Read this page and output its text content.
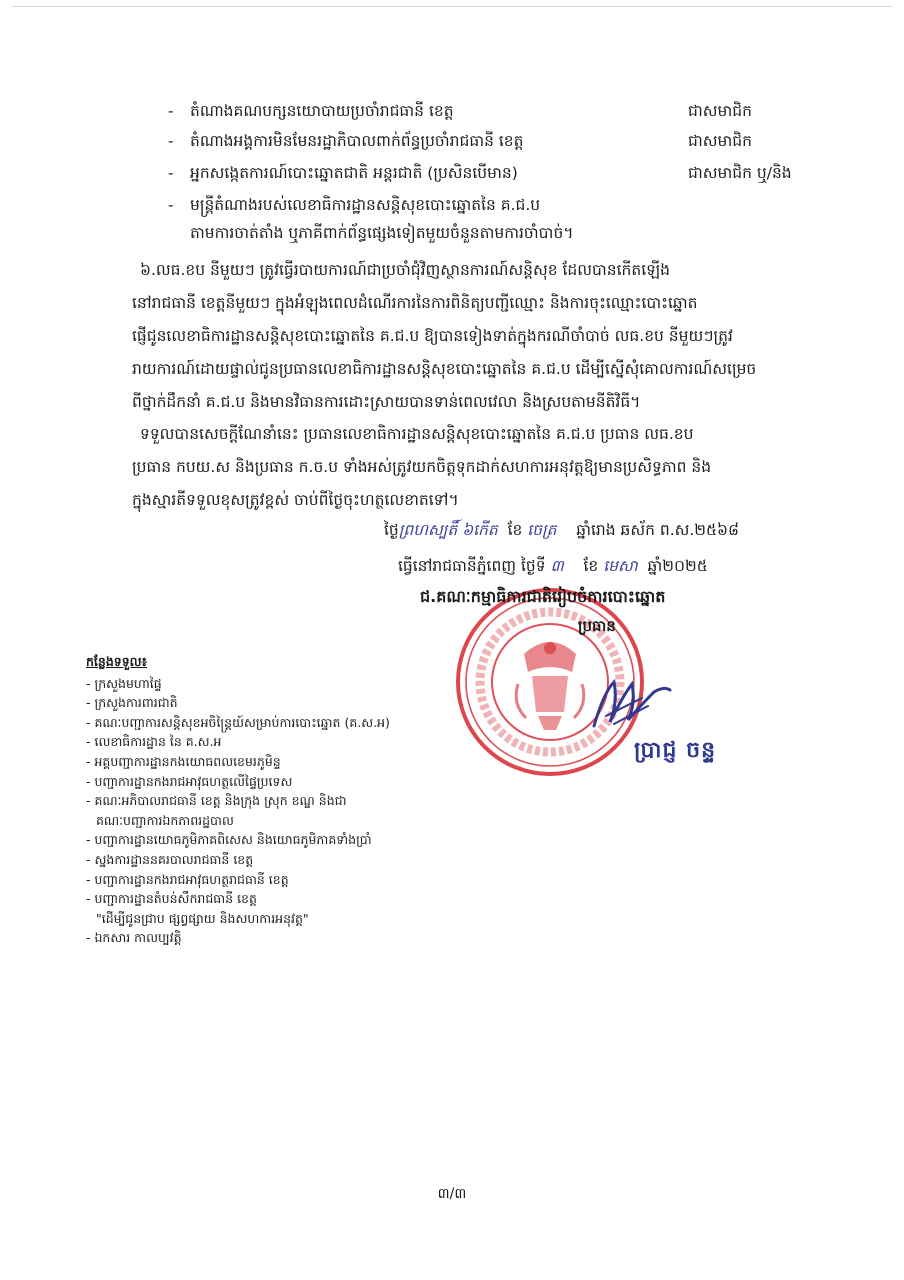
- តំណាងគណបក្សនយោបាយប្រចាំរាជធានី ខេត្ត	ជាសមាជិក
- តំណាងអង្គការមិនមែនរដ្ឋាភិបាលពាក់ព័ន្ធប្រចាំរាជធានី ខេត្ត	ជាសមាជិក
- អ្នកសង្កេតការណ៍បោះឆ្នោតជាតិ អន្តរជាតិ (ប្រសិនបើមាន)	ជាសមាជិក ឬ/និង
- មន្ត្រីតំណាងរបស់លេខាធិការដ្ឋានសន្តិសុខបោះឆ្នោតនៃ គ.ជ.ប
តាមការចាត់តាំង ឬភាគីពាក់ព័ន្ធផ្សេងទៀតមួយចំនួនតាមការចាំបាច់។
៦.លធ.ខប នីមួយៗ ត្រូវធ្វើរបាយការណ៍ជាប្រចាំជុំវិញស្ថានការណ៍សន្តិសុខ ដែលបានកើតឡើង
នៅរាជធានី ខេត្តនីមួយៗ ក្នុងអំឡុងពេលដំណើរការនៃការពិនិត្យបញ្ជីឈ្មោះ និងការចុះឈ្មោះបោះឆ្នោត
ផ្ញើជូនលេខាធិការដ្ឋានសន្តិសុខបោះឆ្នោតនៃ គ.ជ.ប ឱ្យបានទៀងទាត់ក្នុងករណីចាំបាច់ លធ.ខប នីមួយៗត្រូវ
រាយការណ៍ដោយផ្ទាល់ជូនប្រធានលេខាធិការដ្ឋានសន្តិសុខបោះឆ្នោតនៃ គ.ជ.ប ដើម្បីស្នើសុំគោលការណ៍សម្រេច
ពីថ្នាក់ដឹកនាំ គ.ជ.ប និងមានវិធានការដោះស្រាយបានទាន់ពេលវេលា និងស្របតាមនីតិវិធី។
ទទួលបានសេចក្តីណែនាំនេះ ប្រធានលេខាធិការដ្ឋានសន្តិសុខបោះឆ្នោតនៃ គ.ជ.ប ប្រធាន លធ.ខប
ប្រធាន កបយ.ស និងប្រធាន ក.ច.ប ទាំងអស់ត្រូវយកចិត្តទុកដាក់សហការអនុវត្តឱ្យមានប្រសិទ្ធភាព និង
ក្នុងស្មារតីទទួលខុសត្រូវខ្ពស់ ចាប់ពីថ្ងៃចុះហត្ថលេខាតទៅ។
ថ្ងៃព្រហស្បតិ៍ ៦កើត ខែ ចេត្រ ឆ្នាំរោង ឆស័ក ព.ស.២៥៦៨
ធ្វើនៅរាជធានីភ្នំពេញ ថ្ងៃទី ៣ ខែ មេសា ឆ្នាំ២០២៥
ជ.គណៈកម្មាធិការជាតិរៀបចំការបោះឆ្នោត
ប្រធាន
ប្រាជ្ញ ចន្ទ
កន្លែងទទួល៖
- ក្រសួងមហាផ្ទៃ
- ក្រសួងការពារជាតិ
- គណៈបញ្ជាការសន្តិសុខអចិន្ត្រៃយ៍សម្រាប់ការបោះឆ្នោត (គ.ស.អ)
- លេខាធិការដ្ឋាន នៃ គ.ស.អ
- អគ្គបញ្ជាការដ្ឋានកងយោធពលខេមរភូមិន្ទ
- បញ្ជាការដ្ឋានកងរាជអាវុធហត្ថលើផ្ទៃប្រទេស
- គណៈអភិបាលរាជធានី ខេត្ត និងក្រុង ស្រុក ខណ្ឌ និងជា
គណៈបញ្ជាការឯកភាពរដ្ឋបាល
- បញ្ជាការដ្ឋានយោធភូមិភាគពិសេស និងយោធភូមិភាគទាំងប្រាំ
- ស្នងការដ្ឋាននគរបាលរាជធានី ខេត្ត
- បញ្ជាការដ្ឋានកងរាជអាវុធហត្ថរាជធានី ខេត្ត
- បញ្ជាការដ្ឋានតំបន់សឹករាជធានី ខេត្ត
"ដើម្បីជូនជ្រាប ផ្សព្វផ្សាយ និងសហការអនុវត្ត"
- ឯកសារ កាលប្បវត្តិ
៣/៣
